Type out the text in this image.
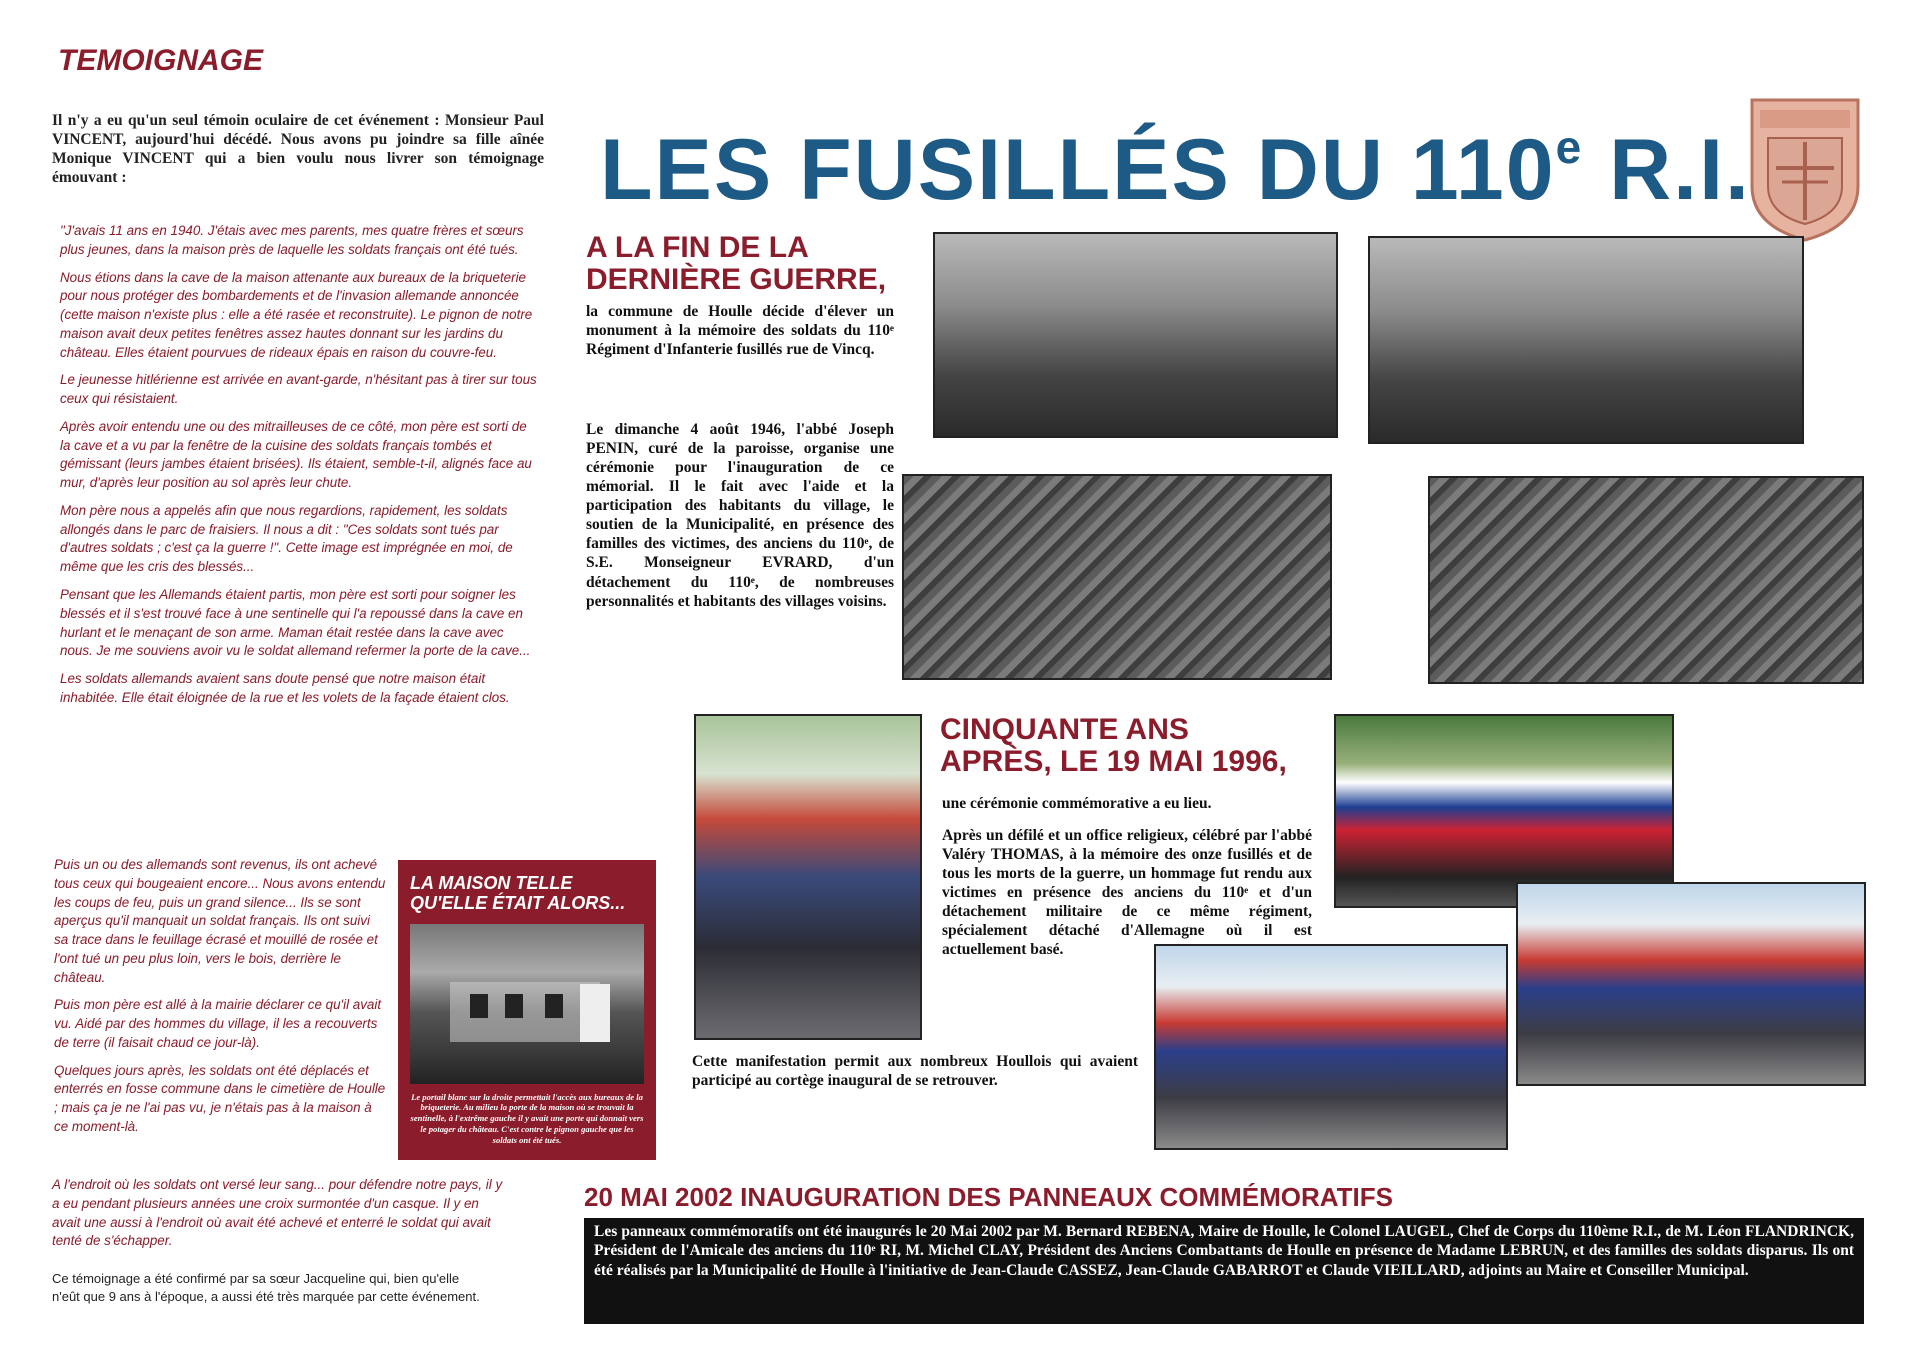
TEMOIGNAGE
Il n'y a eu qu'un seul témoin oculaire de cet événement : Monsieur Paul VINCENT, aujourd'hui décédé. Nous avons pu joindre sa fille aînée Monique VINCENT qui a bien voulu nous livrer son témoignage émouvant :

"J'avais 11 ans en 1940. J'étais avec mes parents, mes quatre frères et sœurs plus jeunes, dans la maison près de laquelle les soldats français ont été tués.

Nous étions dans la cave de la maison attenante aux bureaux de la briqueterie pour nous protéger des bombardements et de l'invasion allemande annoncée (cette maison n'existe plus : elle a été rasée et reconstruite). Le pignon de notre maison avait deux petites fenêtres assez hautes donnant sur les jardins du château. Elles étaient pourvues de rideaux épais en raison du couvre-feu.

Le jeunesse hitlérienne est arrivée en avant-garde, n'hésitant pas à tirer sur tous ceux qui résistaient.

Après avoir entendu une ou des mitrailleuses de ce côté, mon père est sorti de la cave et a vu par la fenêtre de la cuisine des soldats français tombés et gémissant (leurs jambes étaient brisées). Ils étaient, semble-t-il, alignés face au mur, d'après leur position au sol après leur chute.

Mon père nous a appelés afin que nous regardions, rapidement, les soldats allongés dans le parc de fraisiers. Il nous a dit : "Ces soldats sont tués par d'autres soldats ; c'est ça la guerre !". Cette image est imprégnée en moi, de même que les cris des blessés...

Pensant que les Allemands étaient partis, mon père est sorti pour soigner les blessés et il s'est trouvé face à une sentinelle qui l'a repoussé dans la cave en hurlant et le menaçant de son arme. Maman était restée dans la cave avec nous. Je me souviens avoir vu le soldat allemand refermer la porte de la cave...

Les soldats allemands avaient sans doute pensé que notre maison était inhabitée. Elle était éloignée de la rue et les volets de la façade étaient clos.

Puis un ou des allemands sont revenus, ils ont achevé tous ceux qui bougeaient encore... Nous avons entendu les coups de feu, puis un grand silence... Ils se sont aperçus qu'il manquait un soldat français. Ils ont suivi sa trace dans le feuillage écrasé et mouillé de rosée et l'ont tué un peu plus loin, vers le bois, derrière le château.

Puis mon père est allé à la mairie déclarer ce qu'il avait vu. Aidé par des hommes du village, il les a recouverts de terre (il faisait chaud ce jour-là).

Quelques jours après, les soldats ont été déplacés et enterrés en fosse commune dans le cimetière de Houlle ; mais ça je ne l'ai pas vu, je n'étais pas à la maison à ce moment-là.

A l'endroit où les soldats ont versé leur sang... pour défendre notre pays, il y a eu pendant plusieurs années une croix surmontée d'un casque. Il y en avait une aussi à l'endroit où avait été achevé et enterré le soldat qui avait tenté de s'échapper.

Ce témoignage a été confirmé par sa sœur Jacqueline qui, bien qu'elle n'eût que 9 ans à l'époque, a aussi été très marquée par cette événement.
LA MAISON TELLE
QU'ELLE ÉTAIT ALORS...
Le portail blanc sur la droite permettait l'accès aux bureaux de la briqueterie. Au milieu la porte de la maison où se trouvait la sentinelle, à l'extrême gauche il y avait une porte qui donnait vers le potager du château. C'est contre le pignon gauche que les soldats ont été tués.
LES FUSILLÉS DU 110e R.I.
A LA FIN DE LA
DERNIÈRE GUERRE,
la commune de Houlle décide d'élever un monument à la mémoire des soldats du 110ᵉ Régiment d'Infanterie fusillés rue de Vincq.
Le dimanche 4 août 1946, l'abbé Joseph PENIN, curé de la paroisse, organise une cérémonie pour l'inauguration de ce mémorial. Il le fait avec l'aide et la participation des habitants du village, le soutien de la Municipalité, en présence des familles des victimes, des anciens du 110ᵉ, de S.E. Monseigneur EVRARD, d'un détachement du 110ᵉ, de nombreuses personnalités et habitants des villages voisins.
CINQUANTE ANS
APRÈS, LE 19 MAI 1996,
une cérémonie commémorative a eu lieu.
Après un défilé et un office religieux, célébré par l'abbé Valéry THOMAS, à la mémoire des onze fusillés et de tous les morts de la guerre, un hommage fut rendu aux victimes en présence des anciens du 110ᵉ et d'un détachement militaire de ce même régiment, spécialement détaché d'Allemagne où il est actuellement basé.
Cette manifestation permit aux nombreux Houllois qui avaient participé au cortège inaugural de se retrouver.
20 MAI 2002 INAUGURATION DES PANNEAUX COMMÉMORATIFS
Les panneaux commémoratifs ont été inaugurés le 20 Mai 2002 par M. Bernard REBENA, Maire de Houlle, le Colonel LAUGEL, Chef de Corps du 110ème R.I., de M. Léon FLANDRINCK, Président de l'Amicale des anciens du 110ᵉ RI, M. Michel CLAY, Président des Anciens Combattants de Houlle en présence de Madame LEBRUN, et des familles des soldats disparus. Ils ont été réalisés par la Municipalité de Houlle à l'initiative de Jean-Claude CASSEZ, Jean-Claude GABARROT et Claude VIEILLARD, adjoints au Maire et Conseiller Municipal.
